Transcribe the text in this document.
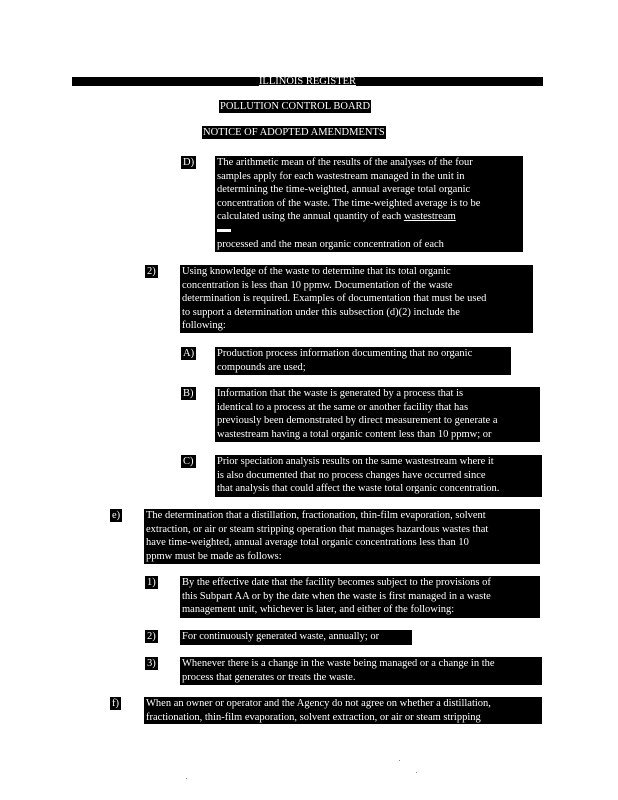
ILLINOIS REGISTER
POLLUTION CONTROL BOARD
NOTICE OF ADOPTED AMENDMENTS
D) The arithmetic mean of the results of the analyses of the four
samples apply for each wastestream managed in the unit in
determining the time-weighted, annual average total organic
concentration of the waste. The time-weighted average is to be
calculated using the annual quantity of each wastestream

processed and the mean organic concentration of each
wastestream managed in the unit.
2)	Using knowledge of the waste to determine that its total organic
concentration is less than 10 ppmw. Documentation of the waste
determination is required. Examples of documentation that must be used
to support a determination under this subsection (d)(2) include the
following:
A) Production process information documenting that no organic
compounds are used;
B) Information that the waste is generated by a process that is
identical to a process at the same or another facility that has
previously been demonstrated by direct measurement to generate a
wastestream having a total organic content less than 10 ppmw; or
C) Prior speciation analysis results on the same wastestream where it
is also documented that no process changes have occurred since
that analysis that could affect the waste total organic concentration.
e) The determination that a distillation, fractionation, thin-film evaporation, solvent
extraction, or air or steam stripping operation that manages hazardous wastes that
have time-weighted, annual average total organic concentrations less than 10
ppmw must be made as follows:
1)	By the effective date that the facility becomes subject to the provisions of
this Subpart AA or by the date when the waste is first managed in a waste
management unit, whichever is later, and either of the following:
2)	For continuously generated waste, annually; or
3)	Whenever there is a change in the waste being managed or a change in the
process that generates or treats the waste.
f)	When an owner or operator and the Agency do not agree on whether a distillation,
fractionation, thin-film evaporation, solvent extraction, or air or steam stripping
